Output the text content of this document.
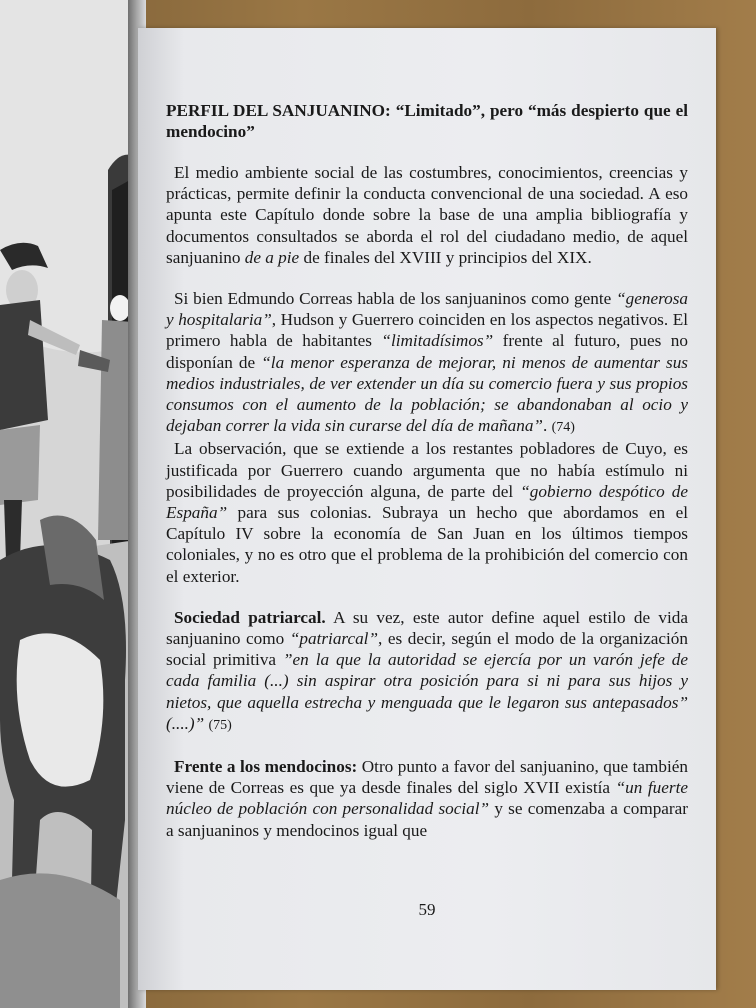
PERFIL DEL SANJUANINO: “Limitado”, pero “más despierto que el mendocino”

El medio ambiente social de las costumbres, conocimientos, creencias y prácticas, permite definir la conducta convencional de una sociedad. A eso apunta este Capítulo donde sobre la base de una amplia bibliografía y documentos consultados se aborda el rol del ciudadano medio, de aquel sanjuanino de a pie de finales del XVIII y principios del XIX.

Si bien Edmundo Correas habla de los sanjuaninos como gente “generosa y hospitalaria”, Hudson y Guerrero coinciden en los aspectos negativos. El primero habla de habitantes “limitadísimos” frente al futuro, pues no disponían de “la menor esperanza de mejorar, ni menos de aumentar sus medios industriales, de ver extender un día su comercio fuera y sus propios consumos con el aumento de la población; se abandonaban al ocio y dejaban correr la vida sin curarse del día de mañana”. (74)

La observación, que se extiende a los restantes pobladores de Cuyo, es justificada por Guerrero cuando argumenta que no había estímulo ni posibilidades de proyección alguna, de parte del “gobierno despótico de España” para sus colonias. Subraya un hecho que abordamos en el Capítulo IV sobre la economía de San Juan en los últimos tiempos coloniales, y no es otro que el problema de la prohibición del comercio con el exterior.

Sociedad patriarcal. A su vez, este autor define aquel estilo de vida sanjuanino como “patriarcal”, es decir, según el modo de la organización social primitiva ”en la que la autoridad se ejercía por un varón jefe de cada familia (...) sin aspirar otra posición para si ni para sus hijos y nietos, que aquella estrecha y menguada que le legaron sus antepasados” (....)” (75)

Frente a los mendocinos: Otro punto a favor del sanjuanino, que también viene de Correas es que ya desde finales del siglo XVII existía “un fuerte núcleo de población con personalidad social” y se comenzaba a comparar a sanjuaninos y mendocinos igual que

59
